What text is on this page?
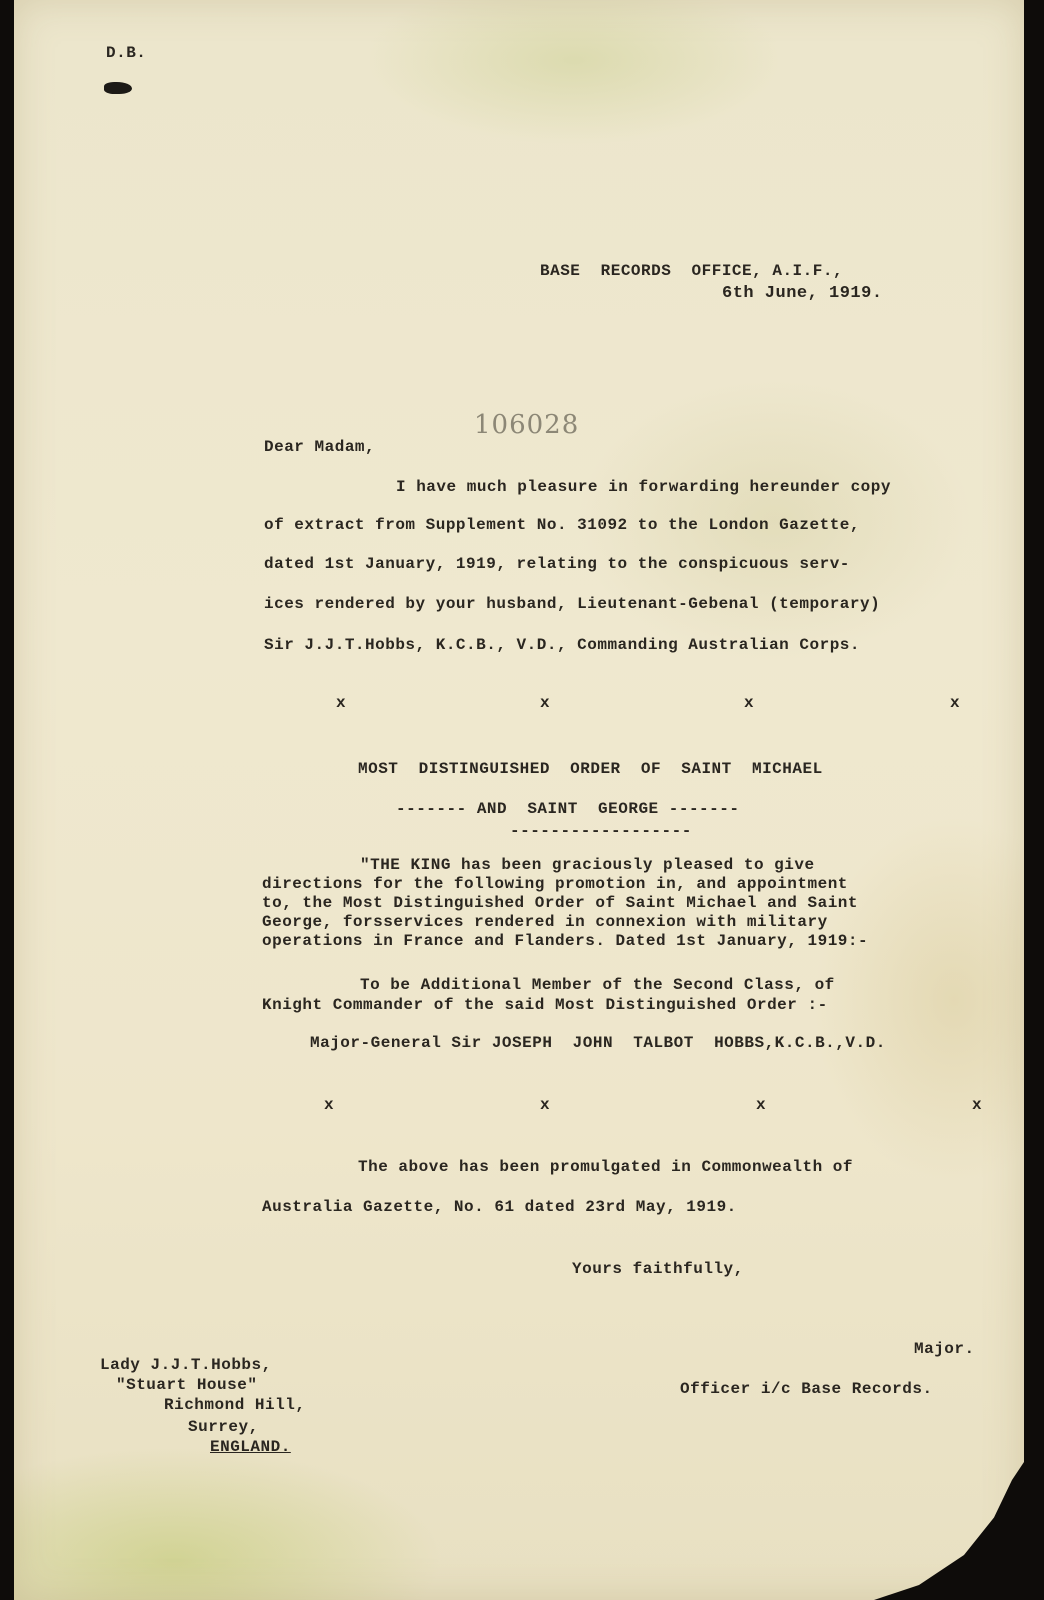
D.B.
BASE  RECORDS  OFFICE, A.I.F.,
6th June, 1919.
Dear Madam,
106028
I have much pleasure in forwarding hereunder copy
of extract from Supplement No. 31092 to the London Gazette,
dated 1st January, 1919, relating to the conspicuous serv-
ices rendered by your husband, Lieutenant-Gebenal (temporary)
Sir J.J.T.Hobbs, K.C.B., V.D., Commanding Australian Corps.
x	x	x	x
MOST  DISTINGUISHED  ORDER  OF  SAINT  MICHAEL
------- AND  SAINT  GEORGE -------
------------------
"THE KING has been graciously pleased to give
directions for the following promotion in, and appointment
to, the Most Distinguished Order of Saint Michael and Saint
George, forsservices rendered in connexion with military
operations in France and Flanders. Dated 1st January, 1919:-
To be Additional Member of the Second Class, of
Knight Commander of the said Most Distinguished Order :-
Major-General Sir JOSEPH  JOHN  TALBOT  HOBBS,K.C.B.,V.D.
x	x	x	x
The above has been promulgated in Commonwealth of
Australia Gazette, No. 61 dated 23rd May, 1919.
Yours faithfully,
Major.
Officer i/c Base Records.
Lady J.J.T.Hobbs,
"Stuart House"
Richmond Hill,
Surrey,
ENGLAND.
